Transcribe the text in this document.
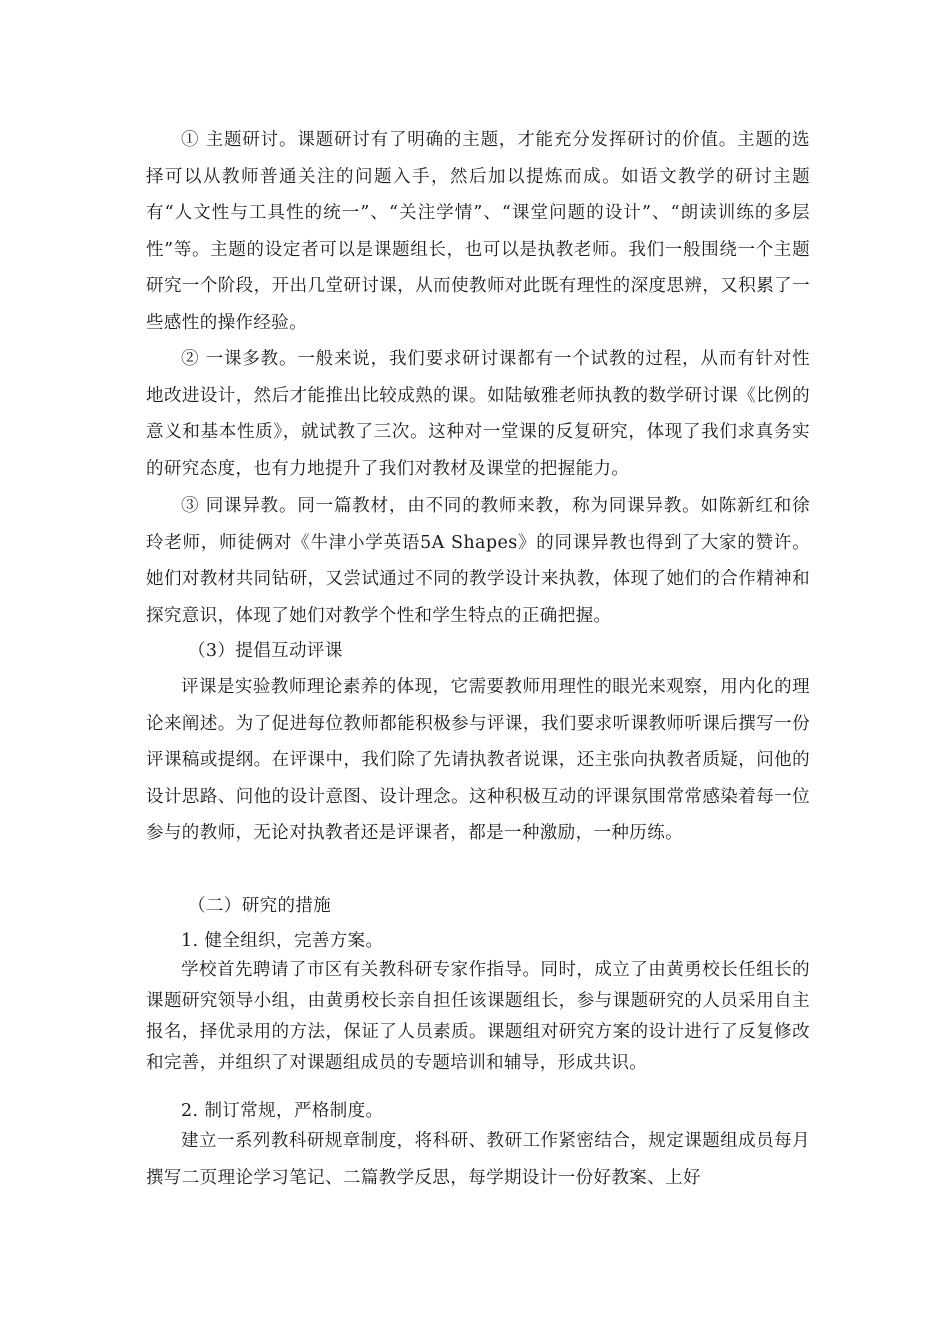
① 主题研讨。课题研讨有了明确的主题，才能充分发挥研讨的价值。主题的选择可以从教师普通关注的问题入手，然后加以提炼而成。如语文教学的研讨主题有“人文性与工具性的统一”、“关注学情”、“课堂问题的设计”、“朗读训练的多层性”等。主题的设定者可以是课题组长，也可以是执教老师。我们一般围绕一个主题研究一个阶段，开出几堂研讨课，从而使教师对此既有理性的深度思辨，又积累了一些感性的操作经验。

② 一课多教。一般来说，我们要求研讨课都有一个试教的过程，从而有针对性地改进设计，然后才能推出比较成熟的课。如陆敏雅老师执教的数学研讨课《比例的意义和基本性质》，就试教了三次。这种对一堂课的反复研究，体现了我们求真务实的研究态度，也有力地提升了我们对教材及课堂的把握能力。

③ 同课异教。同一篇教材，由不同的教师来教，称为同课异教。如陈新红和徐玲老师，师徒俩对《牛津小学英语5A Shapes》的同课异教也得到了大家的赞许。她们对教材共同钻研，又尝试通过不同的教学设计来执教，体现了她们的合作精神和探究意识，体现了她们对教学个性和学生特点的正确把握。

（3）提倡互动评课

评课是实验教师理论素养的体现，它需要教师用理性的眼光来观察，用内化的理论来阐述。为了促进每位教师都能积极参与评课，我们要求听课教师听课后撰写一份评课稿或提纲。在评课中，我们除了先请执教者说课，还主张向执教者质疑，问他的设计思路、问他的设计意图、设计理念。这种积极互动的评课氛围常常感染着每一位参与的教师，无论对执教者还是评课者，都是一种激励，一种历练。

（二）研究的措施

1. 健全组织，完善方案。

学校首先聘请了市区有关教科研专家作指导。同时，成立了由黄勇校长任组长的课题研究领导小组，由黄勇校长亲自担任该课题组长，参与课题研究的人员采用自主报名，择优录用的方法，保证了人员素质。课题组对研究方案的设计进行了反复修改和完善，并组织了对课题组成员的专题培训和辅导，形成共识。

2. 制订常规，严格制度。

建立一系列教科研规章制度，将科研、教研工作紧密结合，规定课题组成员每月撰写二页理论学习笔记、二篇教学反思，每学期设计一份好教案、上好
